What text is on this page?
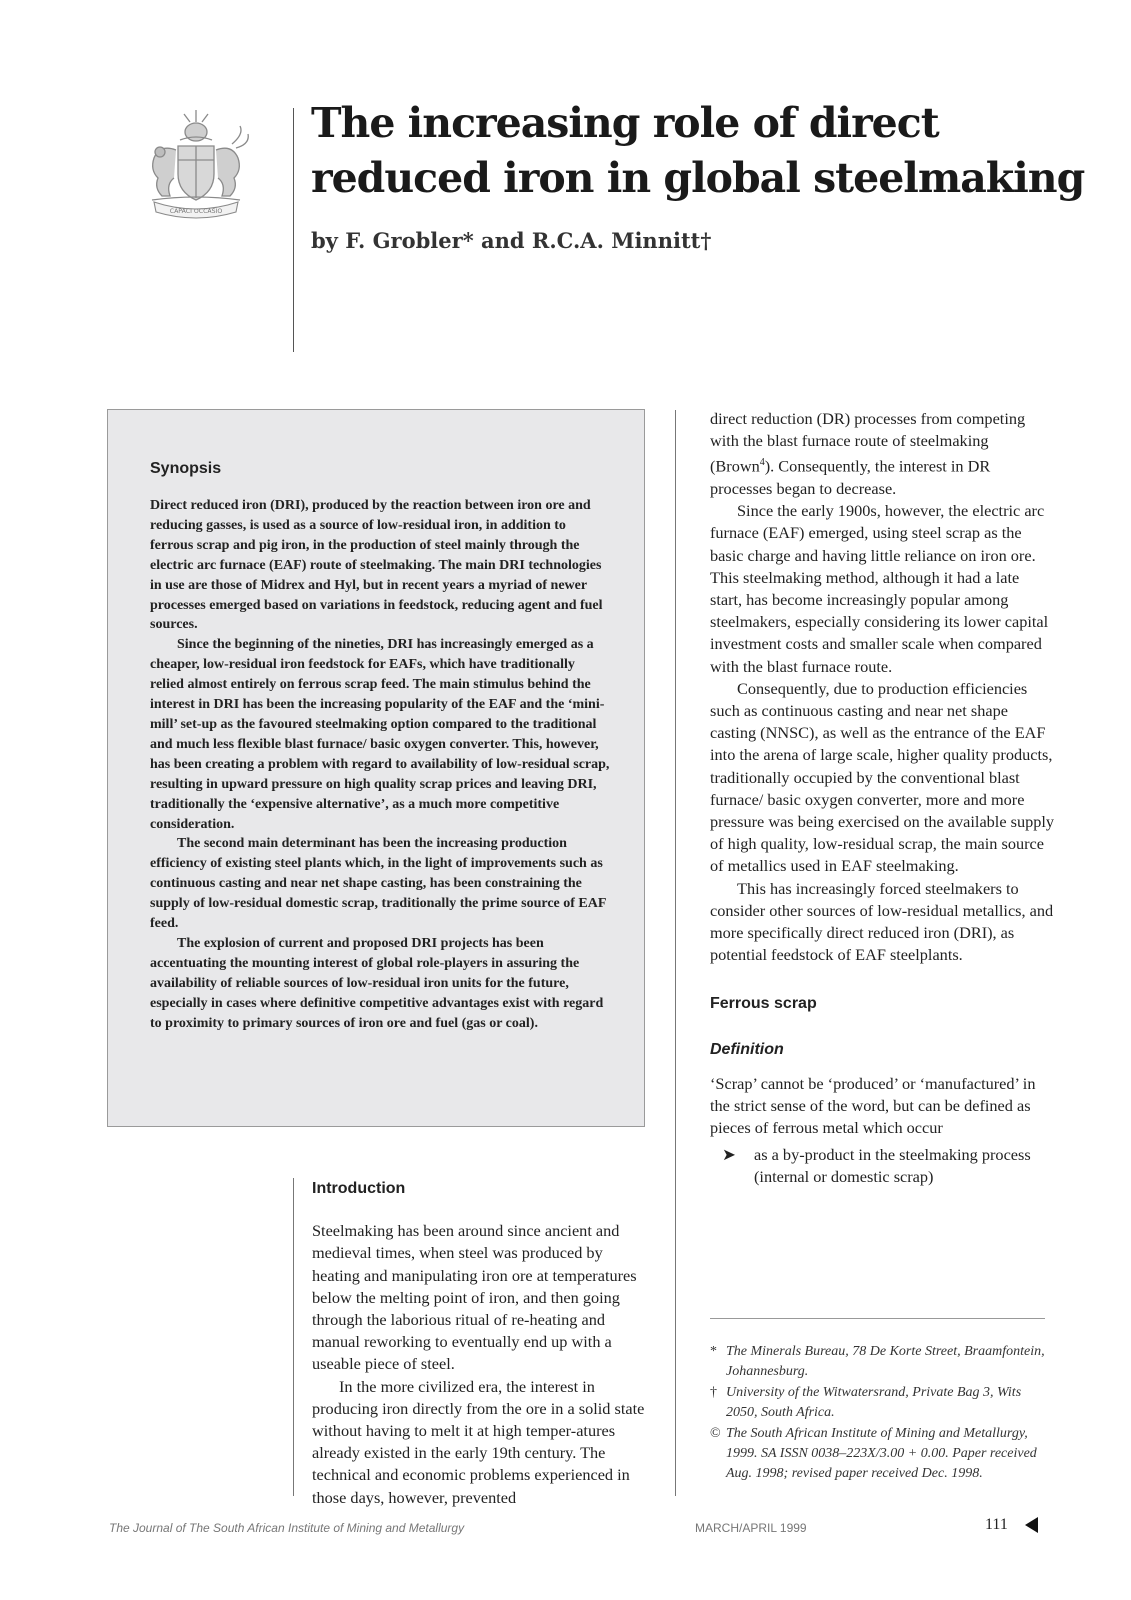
CAPACI OCCASIO
The increasing role of direct reduced iron in global steelmaking

by F. Grobler* and R.C.A. Minnitt†

Synopsis

Direct reduced iron (DRI), produced by the reaction between iron ore and reducing gasses, is used as a source of low-residual iron, in addition to ferrous scrap and pig iron, in the production of steel mainly through the electric arc furnace (EAF) route of steelmaking. The main DRI technologies in use are those of Midrex and Hyl, but in recent years a myriad of newer processes emerged based on variations in feedstock, reducing agent and fuel sources.

Since the beginning of the nineties, DRI has increasingly emerged as a cheaper, low-residual iron feedstock for EAFs, which have traditionally relied almost entirely on ferrous scrap feed. The main stimulus behind the interest in DRI has been the increasing popularity of the EAF and the ‘mini-mill’ set-up as the favoured steelmaking option compared to the traditional and much less flexible blast furnace/ basic oxygen converter. This, however, has been creating a problem with regard to availability of low-residual scrap, resulting in upward pressure on high quality scrap prices and leaving DRI, traditionally the ‘expensive alternative’, as a much more competitive consideration.

The second main determinant has been the increasing production efficiency of existing steel plants which, in the light of improvements such as continuous casting and near net shape casting, has been constraining the supply of low-residual domestic scrap, traditionally the prime source of EAF feed.

The explosion of current and proposed DRI projects has been accentuating the mounting interest of global role-players in assuring the availability of reliable sources of low-residual iron units for the future, especially in cases where definitive competitive advantages exist with regard to proximity to primary sources of iron ore and fuel (gas or coal).

Introduction

Steelmaking has been around since ancient and medieval times, when steel was produced by heating and manipulating iron ore at temperatures below the melting point of iron, and then going through the laborious ritual of re-heating and manual reworking to eventually end up with a useable piece of steel.

In the more civilized era, the interest in producing iron directly from the ore in a solid state without having to melt it at high temper-atures already existed in the early 19th century. The technical and economic problems experienced in those days, however, prevented

direct reduction (DR) processes from competing with the blast furnace route of steelmaking (Brown$^4$). Consequently, the interest in DR processes began to decrease.

Since the early 1900s, however, the electric arc furnace (EAF) emerged, using steel scrap as the basic charge and having little reliance on iron ore. This steelmaking method, although it had a late start, has become increasingly popular among steelmakers, especially considering its lower capital investment costs and smaller scale when compared with the blast furnace route.

Consequently, due to production efficiencies such as continuous casting and near net shape casting (NNSC), as well as the entrance of the EAF into the arena of large scale, higher quality products, traditionally occupied by the conventional blast furnace/ basic oxygen converter, more and more pressure was being exercised on the available supply of high quality, low-residual scrap, the main source of metallics used in EAF steelmaking.

This has increasingly forced steelmakers to consider other sources of low-residual metallics, and more specifically direct reduced iron (DRI), as potential feedstock of EAF steelplants.

Ferrous scrap
Definition

‘Scrap’ cannot be ‘produced’ or ‘manufactured’ in the strict sense of the word, but can be defined as pieces of ferrous metal which occur

➤ as a by-product in the steelmaking process (internal or domestic scrap)

* The Minerals Bureau, 78 De Korte Street, Braamfontein, Johannesburg.

† University of the Witwatersrand, Private Bag 3, Wits 2050, South Africa.

© The South African Institute of Mining and Metallurgy, 1999. SA ISSN 0038–223X/3.00 + 0.00. Paper received Aug. 1998; revised paper received Dec. 1998.

The Journal of The South African Institute of Mining and Metallurgy	MARCH/APRIL 1999	111
